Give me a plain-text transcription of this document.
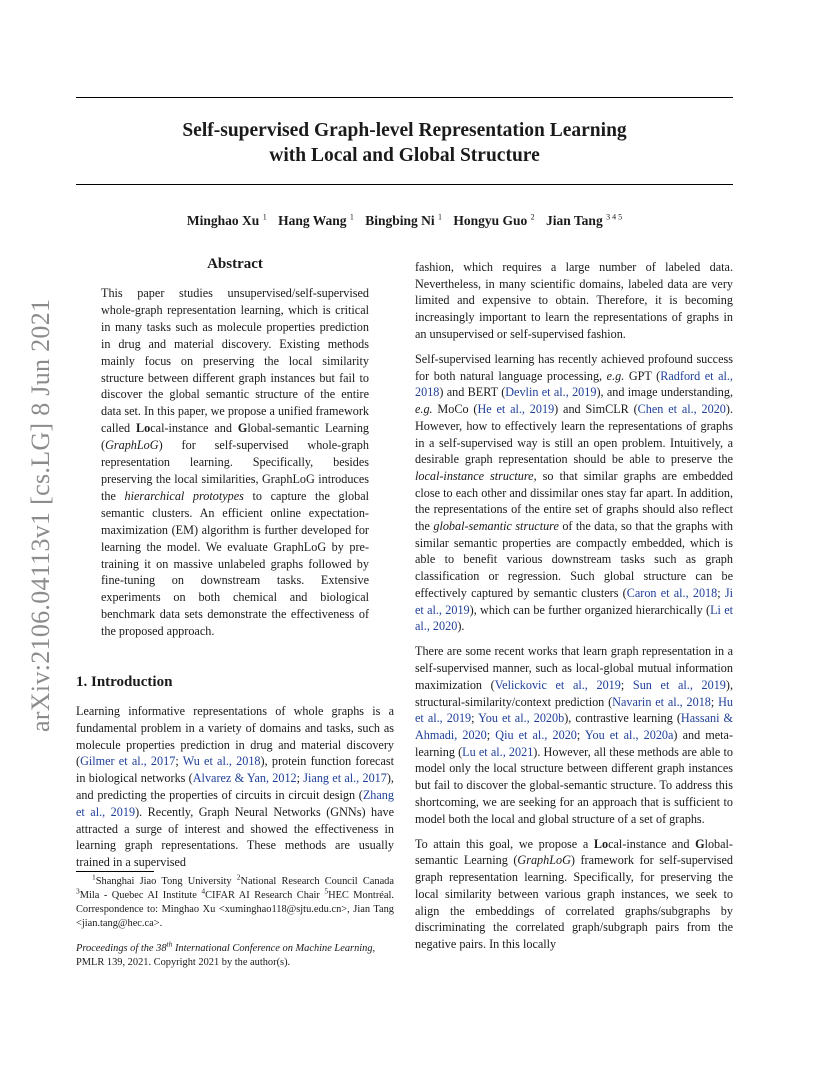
arXiv:2106.04113v1 [cs.LG] 8 Jun 2021
Self-supervised Graph-level Representation Learning
with Local and Global Structure
Minghao Xu $^1$ Hang Wang $^1$ Bingbing Ni $^1$ Hongyu Guo $^2$ Jian Tang $^{3 4 5}$
Abstract
This paper studies unsupervised/self-supervised whole-graph representation learning, which is critical in many tasks such as molecule properties prediction in drug and material discovery. Existing methods mainly focus on preserving the local similarity structure between different graph instances but fail to discover the global semantic structure of the entire data set. In this paper, we propose a unified framework called Local-instance and Global-semantic Learning (GraphLoG) for self-supervised whole-graph representation learning. Specifically, besides preserving the local similarities, GraphLoG introduces the hierarchical prototypes to capture the global semantic clusters. An efficient online expectation-maximization (EM) algorithm is further developed for learning the model. We evaluate GraphLoG by pre-training it on massive unlabeled graphs followed by fine-tuning on downstream tasks. Extensive experiments on both chemical and biological benchmark data sets demonstrate the effectiveness of the proposed approach.
1. Introduction
Learning informative representations of whole graphs is a fundamental problem in a variety of domains and tasks, such as molecule properties prediction in drug and material discovery (Gilmer et al., 2017; Wu et al., 2018), protein function forecast in biological networks (Alvarez & Yan, 2012; Jiang et al., 2017), and predicting the properties of circuits in circuit design (Zhang et al., 2019). Recently, Graph Neural Networks (GNNs) have attracted a surge of interest and showed the effectiveness in learning graph representations. These methods are usually trained in a supervised

$^1$Shanghai Jiao Tong University $^2$National Research Council Canada $^3$Mila - Quebec AI Institute $^4$CIFAR AI Research Chair $^5$HEC Montréal. Correspondence to: Minghao Xu <xuminghao118@sjtu.edu.cn>, Jian Tang <jian.tang@hec.ca>.

Proceedings of the 38th International Conference on Machine Learning, PMLR 139, 2021. Copyright 2021 by the author(s).

fashion, which requires a large number of labeled data. Nevertheless, in many scientific domains, labeled data are very limited and expensive to obtain. Therefore, it is becoming increasingly important to learn the representations of graphs in an unsupervised or self-supervised fashion.

Self-supervised learning has recently achieved profound success for both natural language processing, e.g. GPT (Radford et al., 2018) and BERT (Devlin et al., 2019), and image understanding, e.g. MoCo (He et al., 2019) and SimCLR (Chen et al., 2020). However, how to effectively learn the representations of graphs in a self-supervised way is still an open problem. Intuitively, a desirable graph representation should be able to preserve the local-instance structure, so that similar graphs are embedded close to each other and dissimilar ones stay far apart. In addition, the representations of the entire set of graphs should also reflect the global-semantic structure of the data, so that the graphs with similar semantic properties are compactly embedded, which is able to benefit various downstream tasks such as graph classification or regression. Such global structure can be effectively captured by semantic clusters (Caron et al., 2018; Ji et al., 2019), which can be further organized hierarchically (Li et al., 2020).

There are some recent works that learn graph representation in a self-supervised manner, such as local-global mutual information maximization (Velickovic et al., 2019; Sun et al., 2019), structural-similarity/context prediction (Navarin et al., 2018; Hu et al., 2019; You et al., 2020b), contrastive learning (Hassani & Ahmadi, 2020; Qiu et al., 2020; You et al., 2020a) and meta-learning (Lu et al., 2021). However, all these methods are able to model only the local structure between different graph instances but fail to discover the global-semantic structure. To address this shortcoming, we are seeking for an approach that is sufficient to model both the local and global structure of a set of graphs.

To attain this goal, we propose a Local-instance and Global-semantic Learning (GraphLoG) framework for self-supervised graph representation learning. Specifically, for preserving the local similarity between various graph instances, we seek to align the embeddings of correlated graphs/subgraphs by discriminating the correlated graph/subgraph pairs from the negative pairs. In this locally
